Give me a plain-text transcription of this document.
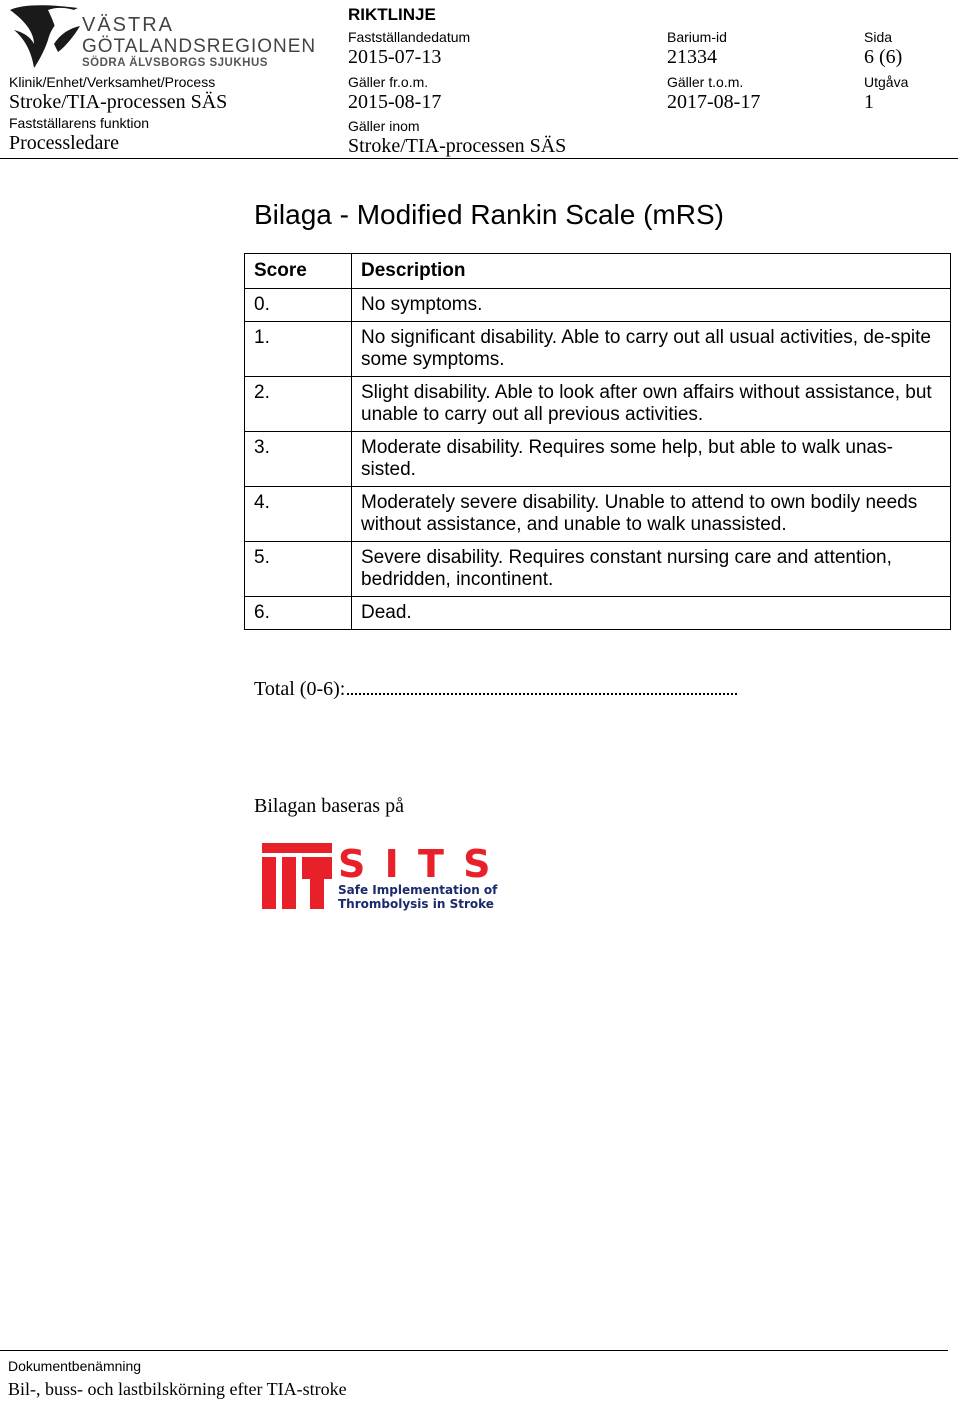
VÄSTRA
GÖTALANDSREGIONEN
SÖDRA ÄLVSBORGS SJUKHUS
Klinik/Enhet/Verksamhet/Process
Stroke/TIA-processen SÄS
Fastställarens funktion
Processledare
RIKTLINJE
Fastställandedatum
2015-07-13
Gäller fr.o.m.
2015-08-17
Gäller inom
Stroke/TIA-processen SÄS
Barium-id
21334
Gäller t.o.m.
2017-08-17
Sida
6 (6)
Utgåva
1
Bilaga - Modified Rankin Scale (mRS)
Score	Description
0.	No symptoms.
1.	No significant disability. Able to carry out all usual activities, de-spite some symptoms.
2.	Slight disability. Able to look after own affairs without assistance, but unable to carry out all previous activities.
3.	Moderate disability. Requires some help, but able to walk unas-sisted.
4.	Moderately severe disability. Unable to attend to own bodily needs without assistance, and unable to walk unassisted.
5.	Severe disability. Requires constant nursing care and attention, bedridden, incontinent.
6.	Dead.
Total (0-6):
Bilagan baseras på
S I T S
Safe Implementation of
Thrombolysis in Stroke
Dokumentbenämning
Bil-, buss- och lastbilskörning efter TIA-stroke
